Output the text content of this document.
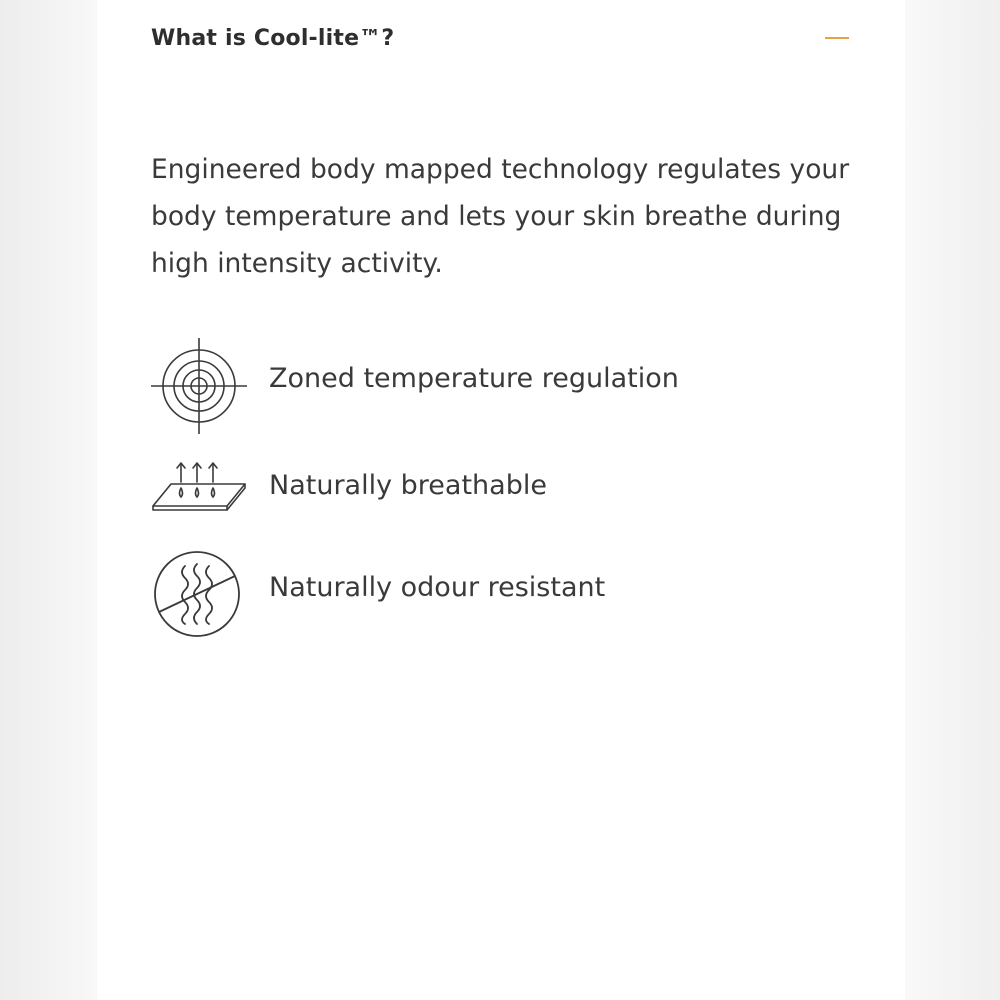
What is Cool-lite™?

Engineered body mapped technology regulates your body temperature and lets your skin breathe during high intensity activity.

Zoned temperature regulation
Naturally breathable
Naturally odour resistant
